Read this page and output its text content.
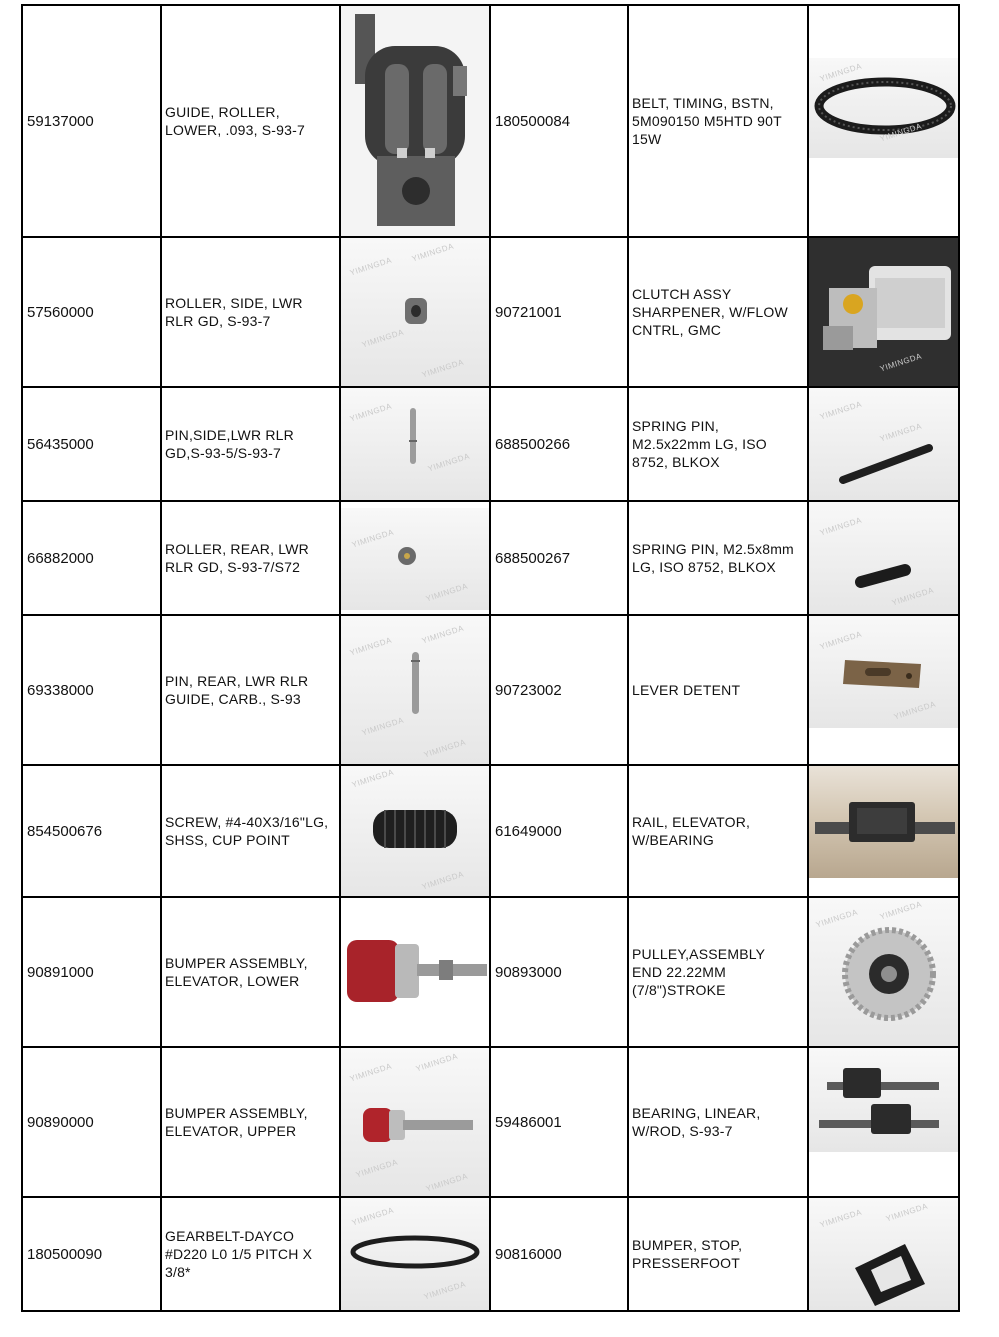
59137000	GUIDE, ROLLER,
LOWER, .093, S-93-7		180500084	BELT, TIMING, BSTN,
5M090150 M5HTD 90T
15W	YIMINGDA
YIMINGDA

57560000	ROLLER, SIDE, LWR
RLR GD, S-93-7	YIMINGDA
YIMINGDA
YIMINGDA
YIMINGDA	90721001	CLUTCH ASSY
SHARPENER, W/FLOW
CNTRL, GMC	YIMINGDA

56435000	PIN,SIDE,LWR RLR
GD,S-93-5/S-93-7	YIMINGDA
YIMINGDA	688500266	SPRING PIN,
M2.5x22mm LG, ISO
8752, BLKOX	YIMINGDA
YIMINGDA

66882000	ROLLER, REAR, LWR
RLR GD, S-93-7/S72	YIMINGDA
YIMINGDA	688500267	SPRING PIN, M2.5x8mm
LG, ISO 8752, BLKOX	YIMINGDA
YIMINGDA

69338000	PIN, REAR, LWR RLR
GUIDE, CARB., S-93	YIMINGDA
YIMINGDA
YIMINGDA
YIMINGDA	90723002	LEVER DETENT	YIMINGDA
YIMINGDA

854500676	SCREW, #4-40X3/16"LG,
SHSS, CUP POINT	YIMINGDA
YIMINGDA	61649000	RAIL, ELEVATOR,
W/BEARING

90891000	BUMPER ASSEMBLY,
ELEVATOR, LOWER		90893000	PULLEY,ASSEMBLY
END 22.22MM
(7/8")STROKE	YIMINGDA YIMINGDA

90890000	BUMPER ASSEMBLY,
ELEVATOR, UPPER	YIMINGDA YIMINGDA
YIMINGDA
YIMINGDA	59486001	BEARING, LINEAR,
W/ROD, S-93-7

180500090	GEARBELT-DAYCO
#D220 L0 1/5 PITCH X
3/8*	YIMINGDA
YIMINGDA	90816000	BUMPER, STOP,
PRESSERFOOT	YIMINGDA YIMINGDA
